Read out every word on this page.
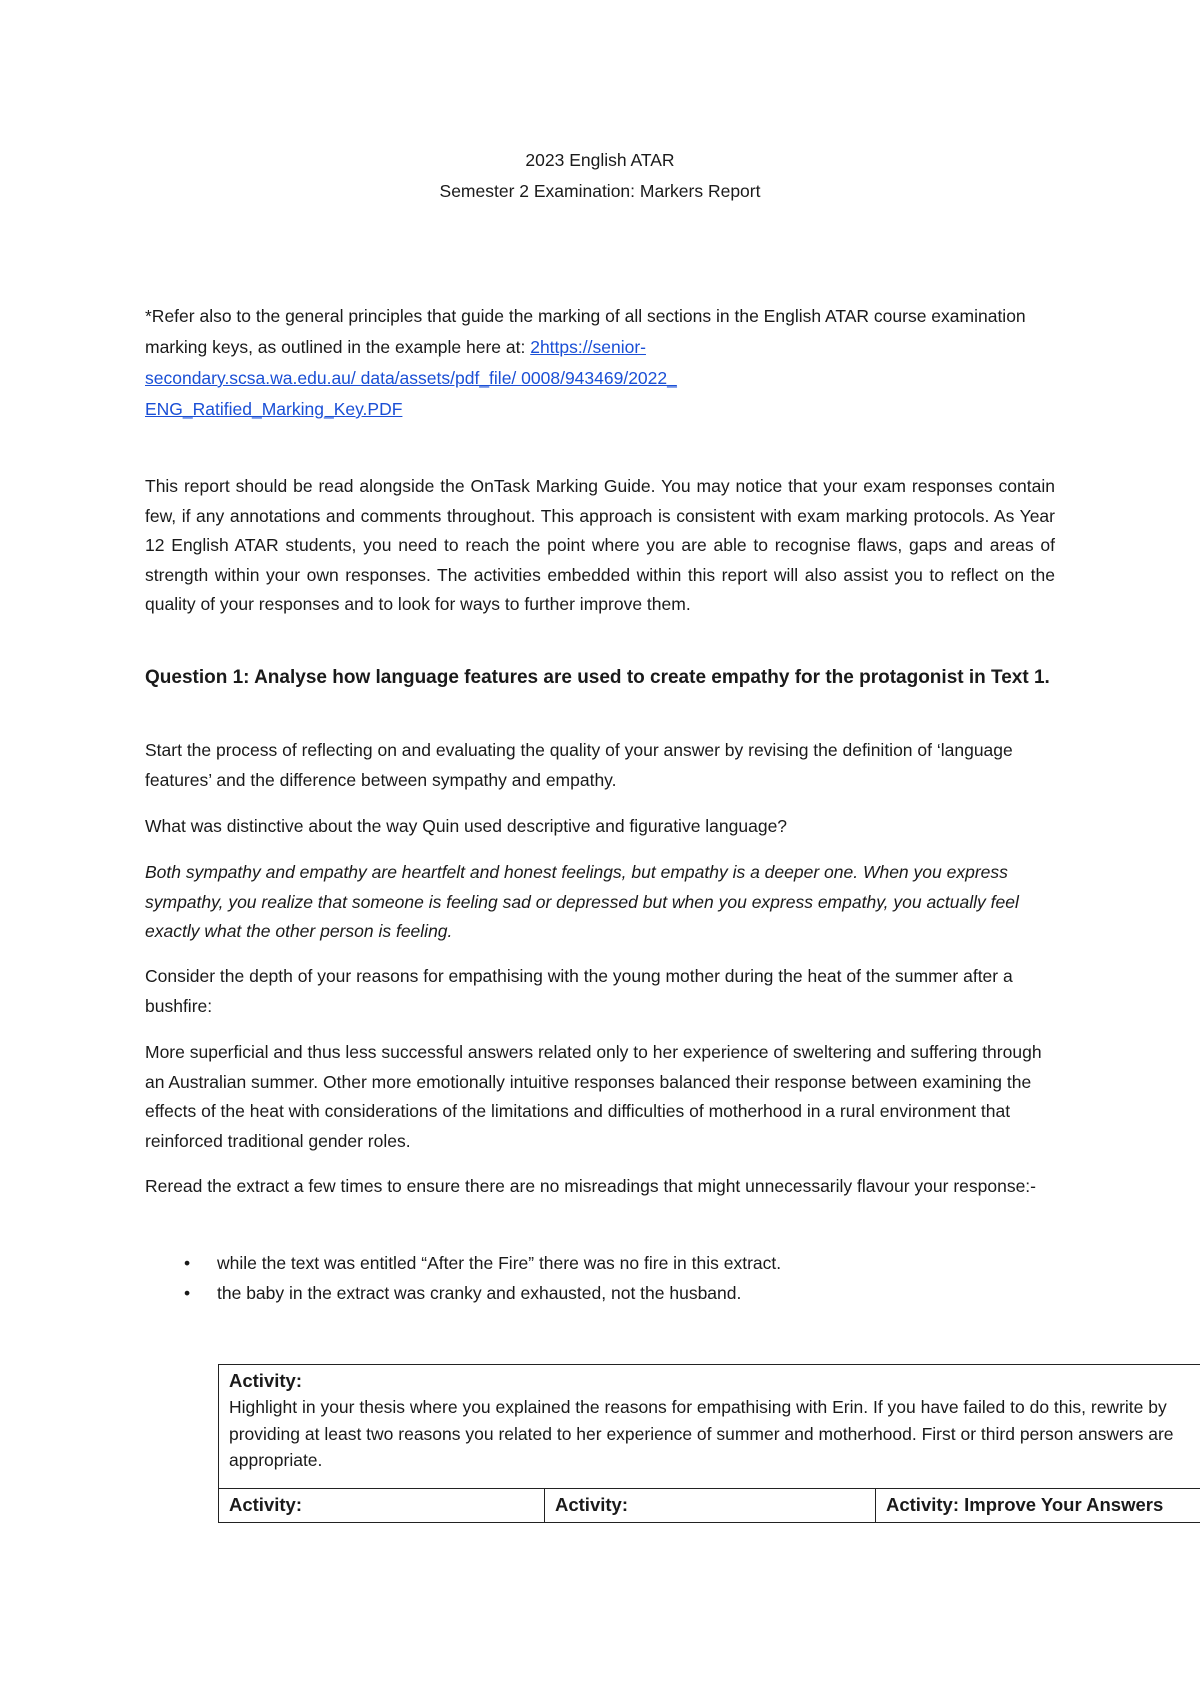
2023 English ATAR
Semester 2 Examination: Markers Report
*Refer also to the general principles that guide the marking of all sections in the English ATAR course examination marking keys, as outlined in the example here at: 2https://senior-
secondary.scsa.wa.edu.au/ data/assets/pdf_file/ 0008/943469/2022_
ENG_Ratified_Marking_Key.PDF
This report should be read alongside the OnTask Marking Guide. You may notice that your exam responses contain few, if any annotations and comments throughout. This approach is consistent with exam marking protocols. As Year 12 English ATAR students, you need to reach the point where you are able to recognise flaws, gaps and areas of strength within your own responses. The activities embedded within this report will also assist you to reflect on the quality of your responses and to look for ways to further improve them.
Question 1: Analyse how language features are used to create empathy for the protagonist in Text 1.
Start the process of reflecting on and evaluating the quality of your answer by revising the definition of ‘language features’ and the difference between sympathy and empathy.
What was distinctive about the way Quin used descriptive and figurative language?
Both sympathy and empathy are heartfelt and honest feelings, but empathy is a deeper one. When you express sympathy, you realize that someone is feeling sad or depressed but when you express empathy, you actually feel exactly what the other person is feeling.
Consider the depth of your reasons for empathising with the young mother during the heat of the summer after a bushfire:
More superficial and thus less successful answers related only to her experience of sweltering and suffering through an Australian summer. Other more emotionally intuitive responses balanced their response between examining the effects of the heat with considerations of the limitations and difficulties of motherhood in a rural environment that reinforced traditional gender roles.
Reread the extract a few times to ensure there are no misreadings that might unnecessarily flavour your response:-
• while the text was entitled “After the Fire” there was no fire in this extract.
• the baby in the extract was cranky and exhausted, not the husband.
Activity:
Highlight in your thesis where you explained the reasons for empathising with Erin. If you have failed to do this, rewrite by providing at least two reasons you related to her experience of summer and motherhood. First or third person answers are appropriate.

Activity:	Activity:	Activity: Improve Your Answers
